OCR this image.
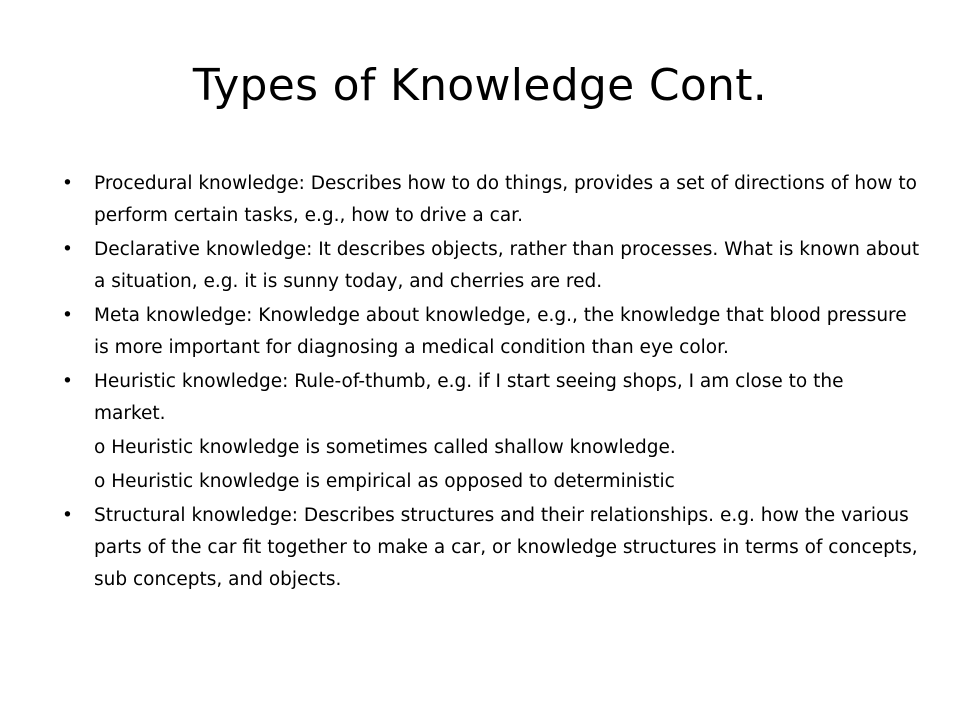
Types of Knowledge Cont.
•	Procedural knowledge: Describes how to do things, provides a set of directions of how to perform certain tasks, e.g., how to drive a car.
•	Declarative knowledge: It describes objects, rather than processes. What is known about a situation, e.g. it is sunny today, and cherries are red.
•	Meta knowledge: Knowledge about knowledge, e.g., the knowledge that blood pressure is more important for diagnosing a medical condition than eye color.
•	Heuristic knowledge: Rule-of-thumb, e.g. if I start seeing shops, I am close to the market.
o Heuristic knowledge is sometimes called shallow knowledge.
o Heuristic knowledge is empirical as opposed to deterministic
•	Structural knowledge: Describes structures and their relationships. e.g. how the various parts of the car fit together to make a car, or knowledge structures in terms of concepts, sub concepts, and objects.
